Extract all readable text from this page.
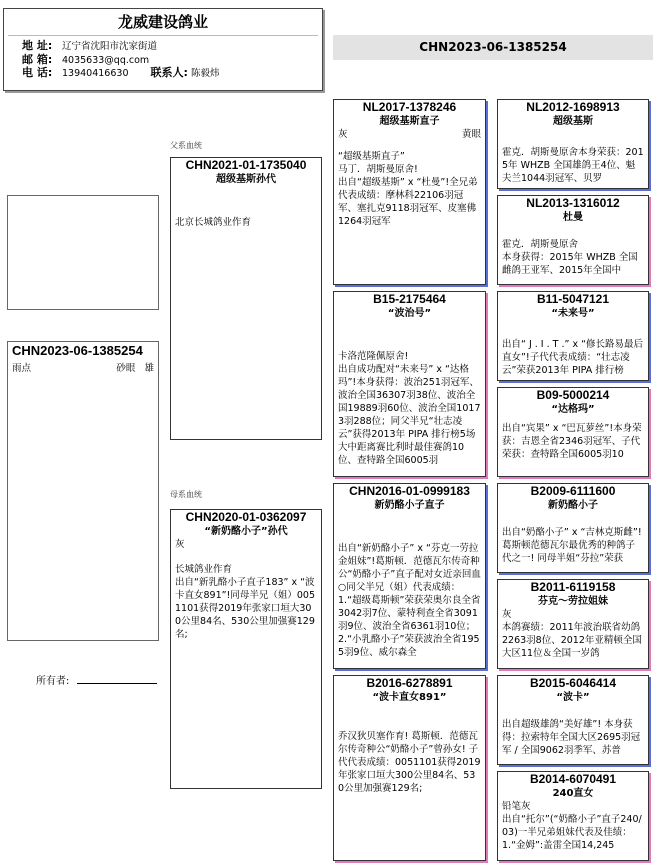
龙威建设鸽业
地 址: 辽宁省沈阳市沈家街道
邮 箱: 4035633@qq.com
电 话: 13940416630 联系人: 陈毅炜
CHN2023-06-1385254
CHN2023-06-1385254
雨点	砂眼 雄
所有者:
父系血统
母系血统
CHN2021-01-1735040
超级基斯孙代
北京长城鸽业作育
CHN2020-01-0362097
“新奶酪小子”孙代
灰
长城鸽业作育
出自“新乳酪小子直子183” x “波卡直女891”!同母半兄（姐）0051101获得2019年张家口垣大300公里84名、530公里加强赛129名;
NL2017-1378246
超级基斯直子
灰	黄眼
“超级基斯直子”
马丁．胡斯曼原舍!
出自“超级基斯” x “杜曼”!全兄弟代表成绩：摩林科22106羽冠军、塞扎克9118羽冠军、皮塞佛1264羽冠军
B15-2175464
“波治号”
卡洛范隆佩原舍!
出自成功配对“未来号” x “达格玛”!本身获得：波治251羽冠军、波治全国36307羽38位、波治全国19889羽60位、波治全国10173羽288位；同父半兄“壮志凌云”获得2013年 PIPA 排行榜5场大中距离赛比利时最佳赛鸽10位、查特路全国6005羽
CHN2016-01-0999183
新奶酪小子直子
出自“新奶酪小子” x “芬克一劳拉金姐妹”!葛斯顿．范德瓦尔传奇种公“奶酪小子”直子配对女近亲回血○同父半兄（姐）代表成绩：1.“超级葛斯顿”荣获荣奥尔良全省3042羽7位、蒙特利查全省3091羽9位、波治全省6361羽10位；2.“小乳酪小子”荣获波治全省1955羽9位、威尔森全
B2016-6278891
“波卡直女891”
乔汉狄贝塞作育! 葛斯顿．范德瓦尔传奇种公“奶酪小子”曾孙女! 子代代表成绩：0051101获得2019年张家口垣大300公里84名、530公里加强赛129名;
NL2012-1698913
超级基斯
霍克．胡斯曼原舍本身荣获：2015年 WHZB 全国雄鸽王4位、魁夫兰1044羽冠军、贝罗
NL2013-1316012
杜曼
霍克．胡斯曼原舍
本身获得：2015年 WHZB 全国雌鸽王亚军、2015年全国中
B11-5047121
“未来号”
出自“ J . I . T .” x “修长路易最后直女”!子代代表成绩：“壮志凌云”荣获2013年 PIPA 排行榜
B09-5000214
“达格玛”
出自“宾果” x “巴瓦萝丝”!本身荣获：吉恩全省2346羽冠军、子代荣获：查特路全国6005羽10
B2009-6111600
新奶酪小子
出自“奶酪小子” x “吉林克斯雌”!葛斯顿范德瓦尔最优秀的种鸽子代之一! 同母半姐“芬拉”荣获
B2011-6119158
芬克～劳拉姐妹
灰
本鸽赛绩：2011年波治联省幼鸽2263羽8位、2012年亚精顿全国大区11位＆全国一岁鸽
B2015-6046414
“波卡”
出自超级雄鸽“美好雄”! 本身获得：拉索特年全国大区2695羽冠军 / 全国9062羽季军、苏普
B2014-6070491
240直女
铅笔灰
出自“托尔”(“奶酪小子”直子240/03)一半兄弟姐妹代表及佳绩：1.“金姆”:盖雷全国14,245
